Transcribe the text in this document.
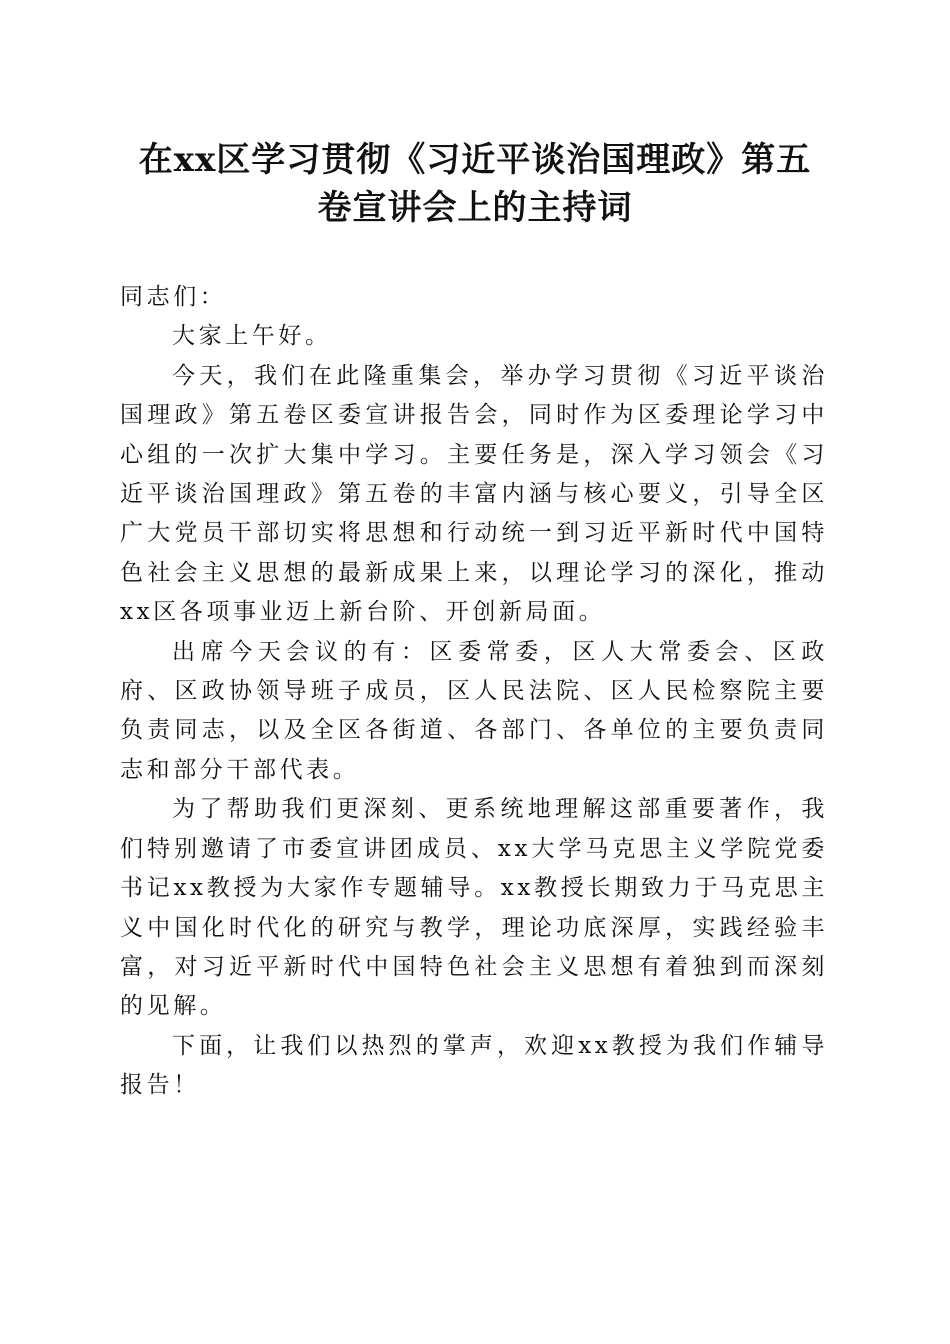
在xx区学习贯彻《习近平谈治国理政》第五
卷宣讲会上的主持词

同志们：

大家上午好。

今天，我们在此隆重集会，举办学习贯彻《习近平谈治国理政》第五卷区委宣讲报告会，同时作为区委理论学习中心组的一次扩大集中学习。主要任务是，深入学习领会《习近平谈治国理政》第五卷的丰富内涵与核心要义，引导全区广大党员干部切实将思想和行动统一到习近平新时代中国特色社会主义思想的最新成果上来，以理论学习的深化，推动xx区各项事业迈上新台阶、开创新局面。

出席今天会议的有：区委常委，区人大常委会、区政府、区政协领导班子成员，区人民法院、区人民检察院主要负责同志，以及全区各街道、各部门、各单位的主要负责同志和部分干部代表。

为了帮助我们更深刻、更系统地理解这部重要著作，我们特别邀请了市委宣讲团成员、xx大学马克思主义学院党委书记xx教授为大家作专题辅导。xx教授长期致力于马克思主义中国化时代化的研究与教学，理论功底深厚，实践经验丰富，对习近平新时代中国特色社会主义思想有着独到而深刻的见解。

下面，让我们以热烈的掌声，欢迎xx教授为我们作辅导报告！
